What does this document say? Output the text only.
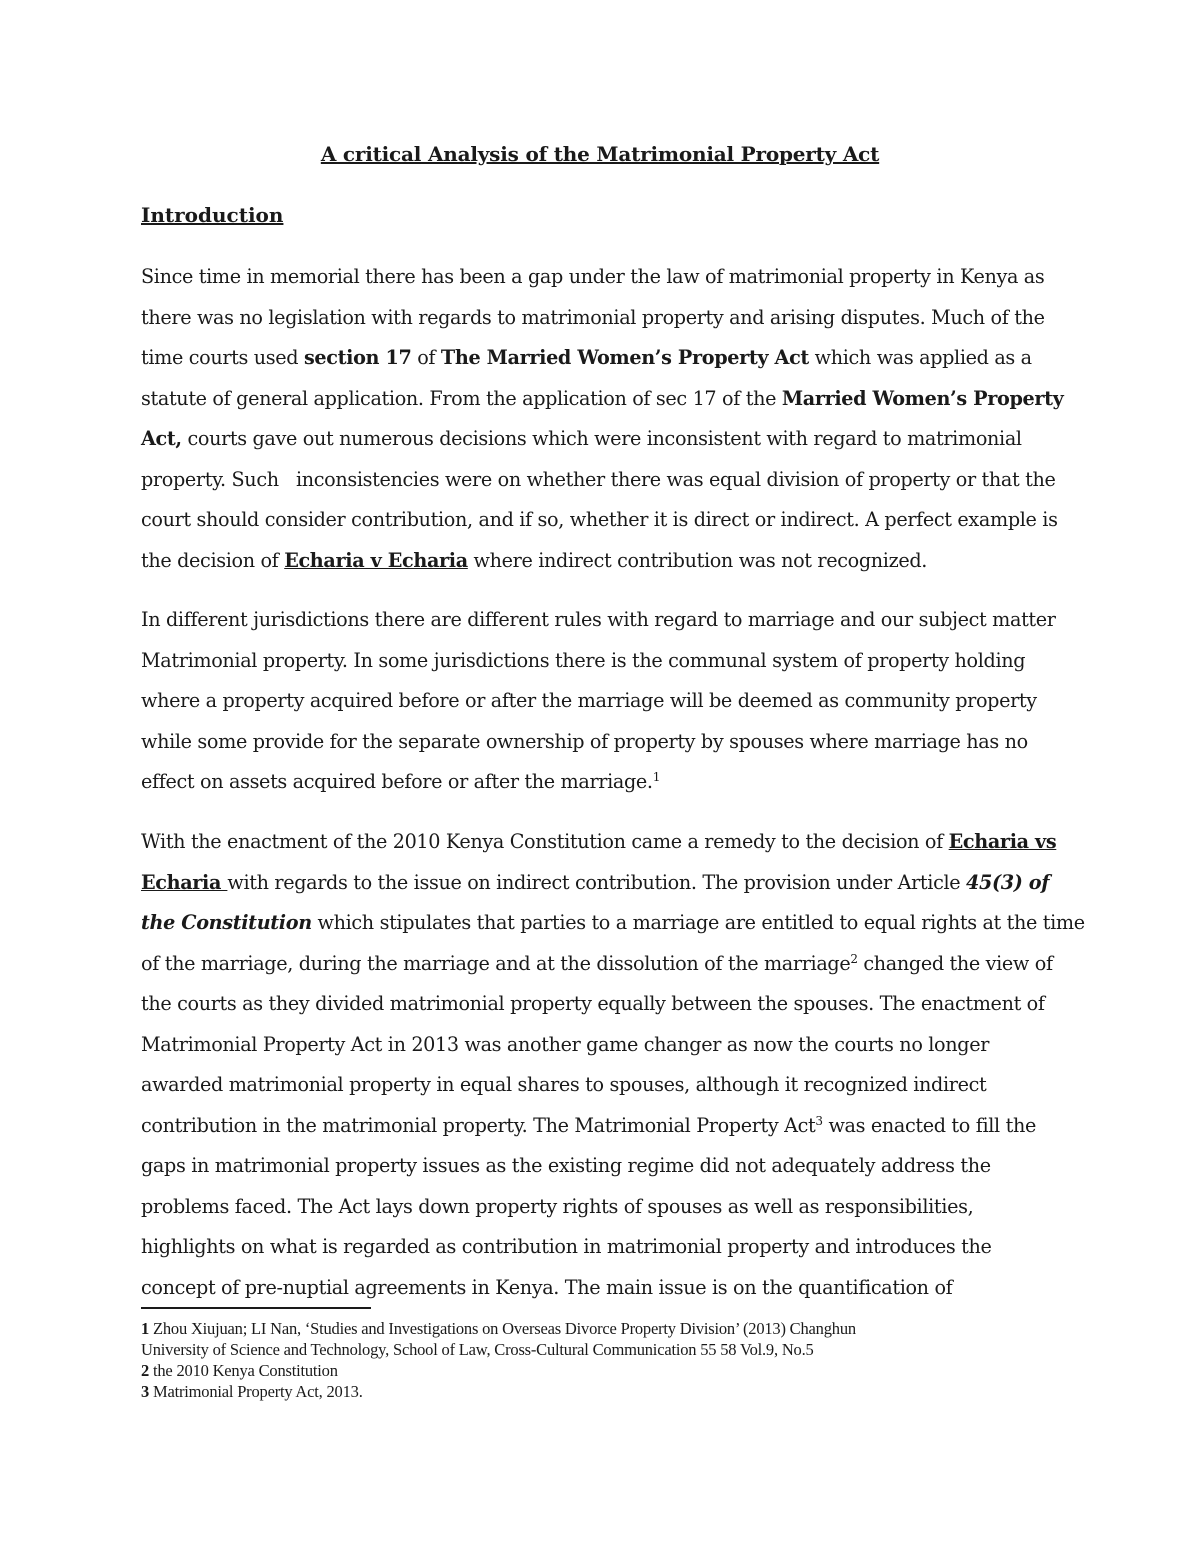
A critical Analysis of the Matrimonial Property Act
Introduction
Since time in memorial there has been a gap under the law of matrimonial property in Kenya as
there was no legislation with regards to matrimonial property and arising disputes. Much of the
time courts used section 17 of The Married Women’s Property Act which was applied as a
statute of general application. From the application of sec 17 of the Married Women’s Property
Act, courts gave out numerous decisions which were inconsistent with regard to matrimonial
property. Such   inconsistencies were on whether there was equal division of property or that the
court should consider contribution, and if so, whether it is direct or indirect. A perfect example is
the decision of Echaria v Echaria where indirect contribution was not recognized.
In different jurisdictions there are different rules with regard to marriage and our subject matter
Matrimonial property. In some jurisdictions there is the communal system of property holding
where a property acquired before or after the marriage will be deemed as community property
while some provide for the separate ownership of property by spouses where marriage has no
effect on assets acquired before or after the marriage.$^1$
With the enactment of the 2010 Kenya Constitution came a remedy to the decision of Echaria vs
Echaria with regards to the issue on indirect contribution. The provision under Article 45(3) of
the Constitution which stipulates that parties to a marriage are entitled to equal rights at the time
of the marriage, during the marriage and at the dissolution of the marriage$^2$ changed the view of
the courts as they divided matrimonial property equally between the spouses. The enactment of
Matrimonial Property Act in 2013 was another game changer as now the courts no longer
awarded matrimonial property in equal shares to spouses, although it recognized indirect
contribution in the matrimonial property. The Matrimonial Property Act$^3$ was enacted to fill the
gaps in matrimonial property issues as the existing regime did not adequately address the
problems faced. The Act lays down property rights of spouses as well as responsibilities,
highlights on what is regarded as contribution in matrimonial property and introduces the
concept of pre-nuptial agreements in Kenya. The main issue is on the quantification of
1 Zhou Xiujuan; LI Nan, ‘Studies and Investigations on Overseas Divorce Property Division’ (2013) Changhun
University of Science and Technology, School of Law, Cross-Cultural Communication 55 58 Vol.9, No.5
2 the 2010 Kenya Constitution
3 Matrimonial Property Act, 2013.
